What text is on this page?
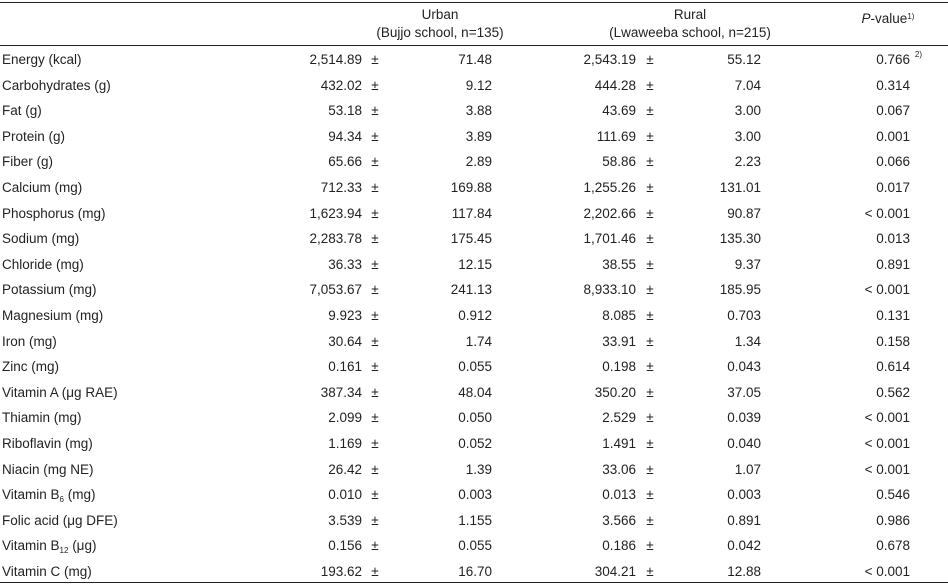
Urban
(Bujjo school, n=135)
Rural
(Lwaweeba school, n=215)
P-value$^{1)}$
Energy (kcal)	2,514.89 ±	71.48	2,543.19 ±	55.12	0.766 2)
Carbohydrates (g)	432.02 ±	9.12	444.28 ±	7.04	0.314
Fat (g)	53.18 ±	3.88	43.69 ±	3.00	0.067
Protein (g)	94.34 ±	3.89	111.69 ±	3.00	0.001
Fiber (g)	65.66 ±	2.89	58.86 ±	2.23	0.066
Calcium (mg)	712.33 ±	169.88	1,255.26 ±	131.01	0.017
Phosphorus (mg)	1,623.94 ±	117.84	2,202.66 ±	90.87	< 0.001
Sodium (mg)	2,283.78 ±	175.45	1,701.46 ±	135.30	0.013
Chloride (mg)	36.33 ±	12.15	38.55 ±	9.37	0.891
Potassium (mg)	7,053.67 ±	241.13	8,933.10 ±	185.95	< 0.001
Magnesium (mg)	9.923 ±	0.912	8.085 ±	0.703	0.131
Iron (mg)	30.64 ±	1.74	33.91 ±	1.34	0.158
Zinc (mg)	0.161 ±	0.055	0.198 ±	0.043	0.614
Vitamin A (μg RAE)	387.34 ±	48.04	350.20 ±	37.05	0.562
Thiamin (mg)	2.099 ±	0.050	2.529 ±	0.039	< 0.001
Riboflavin (mg)	1.169 ±	0.052	1.491 ±	0.040	< 0.001
Niacin (mg NE)	26.42 ±	1.39	33.06 ±	1.07	< 0.001
Vitamin $B_6$ (mg)	0.010 ±	0.003	0.013 ±	0.003	0.546
Folic acid (μg DFE)	3.539 ±	1.155	3.566 ±	0.891	0.986
Vitamin $B_{12}$ (μg)	0.156 ±	0.055	0.186 ±	0.042	0.678
Vitamin C (mg)	193.62 ±	16.70	304.21 ±	12.88	< 0.001
